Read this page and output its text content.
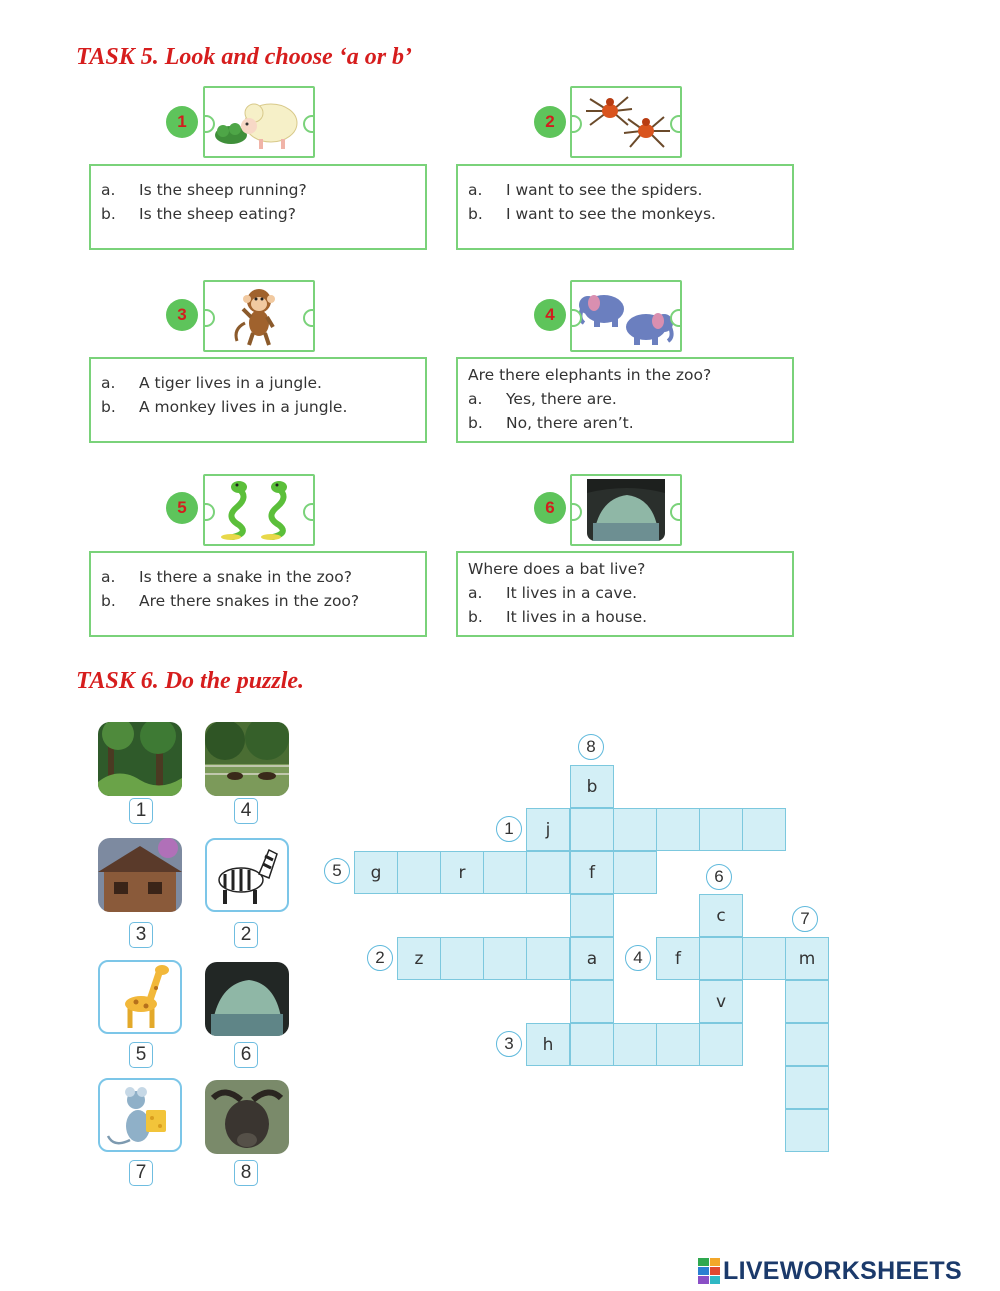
TASK 5. Look and choose ‘a or b’
1
a.	Is the sheep running?
b.	Is the sheep eating?
2
a.	I want to see the spiders.
b.	I want to see the monkeys.
3
a.	A tiger lives in a jungle.
b.	A monkey lives in a jungle.
4
Are there elephants in the zoo?
a.	Yes, there are.
b.	No, there aren’t.
5
a.	Is there a snake in the zoo?
b.	Are there snakes in the zoo?
6
Where does a bat live?
a.	It lives in a cave.
b.	It lives in a house.
TASK 6. Do the puzzle.
1	4
3	2
5	6
7	8
b
f
a
j
g	r
c
v
z	f	m
h
8
1
5	6
7
2	4
3
LIVEWORKSHEETS
